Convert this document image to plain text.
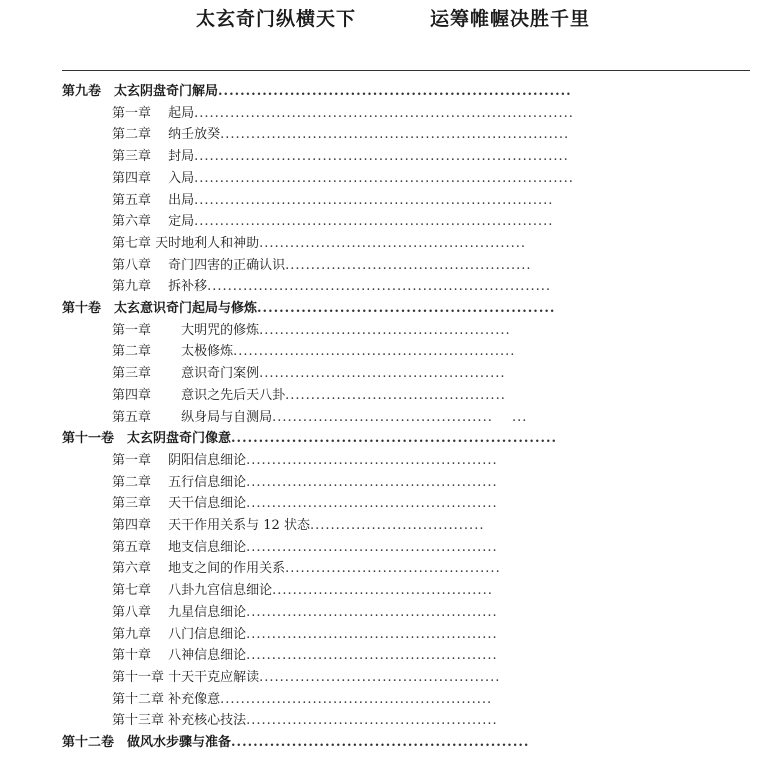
太玄奇门纵横天下	运筹帷幄决胜千里
第九卷　太玄阴盘奇门解局................................................................
第一章　 起局..........................................................................
第二章　 纳壬放癸....................................................................
第三章　 封局.........................................................................
第四章　 入局..........................................................................
第五章　 出局......................................................................
第六章　 定局......................................................................
第七章 天时地利人和神助....................................................
第八章　 奇门四害的正确认识................................................
第九章　 拆补移...................................................................
第十卷　太玄意识奇门起局与修炼......................................................
第一章　　 大明咒的修炼.................................................
第二章　　 太极修炼.......................................................
第三章　　 意识奇门案例................................................
第四章　　 意识之先后天八卦...........................................
第五章　　 纵身局与自测局...........................................　 ...
第十一卷　太玄阴盘奇门像意...........................................................
第一章　 阴阳信息细论.................................................
第二章　 五行信息细论.................................................
第三章　 天干信息细论.................................................
第四章　 天干作用关系与 12 状态..................................
第五章　 地支信息细论.................................................
第六章　 地支之间的作用关系..........................................
第七章　 八卦九宫信息细论...........................................
第八章　 九星信息细论.................................................
第九章　 八门信息细论.................................................
第十章　 八神信息细论.................................................
第十一章 十天干克应解读...............................................
第十二章 补充像意.....................................................
第十三章 补充核心技法.................................................
第十二卷　做风水步骤与准备......................................................
